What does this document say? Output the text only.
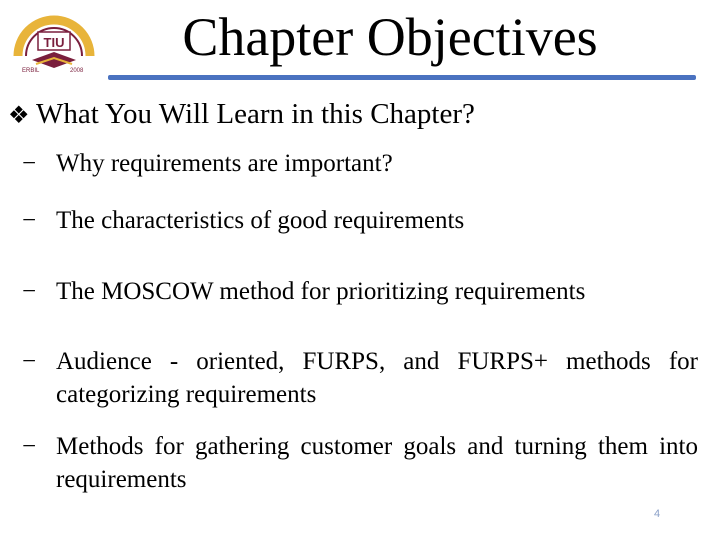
TIU
ERBIL	2008
Chapter Objectives
❖ What You Will Learn in this Chapter?
− Why requirements are important?
− The characteristics of good requirements
− The MOSCOW method for prioritizing requirements
− Audience - oriented, FURPS, and FURPS+ methods for categorizing requirements
− Methods for gathering customer goals and turning them into requirements
4
